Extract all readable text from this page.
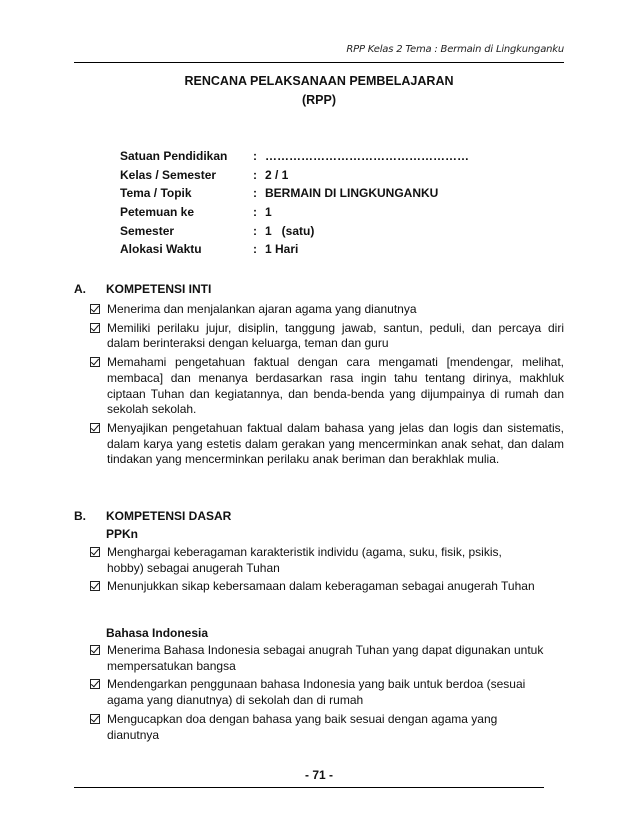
RPP Kelas 2 Tema : Bermain di Lingkunganku
RENCANA PELAKSANAAN PEMBELAJARAN
(RPP)
Satuan Pendidikan	: ……………………………………………
Kelas / Semester	: 2 / 1
Tema / Topik	: BERMAIN DI LINGKUNGANKU
Petemuan ke	: 1
Semester	: 1   (satu)
Alokasi Waktu	: 1 Hari
A. KOMPETENSI INTI
Menerima dan menjalankan ajaran agama yang dianutnya
Memiliki perilaku jujur, disiplin, tanggung jawab, santun, peduli, dan percaya diri dalam berinteraksi dengan keluarga, teman dan guru
Memahami pengetahuan faktual dengan cara mengamati [mendengar, melihat, membaca] dan menanya berdasarkan rasa ingin tahu tentang dirinya, makhluk ciptaan Tuhan dan kegiatannya, dan benda-benda yang dijumpainya di rumah dan sekolah sekolah.
Menyajikan pengetahuan faktual dalam bahasa yang jelas dan logis dan sistematis, dalam karya yang estetis dalam gerakan yang mencerminkan anak sehat, dan dalam tindakan yang mencerminkan perilaku anak beriman dan berakhlak mulia.
B. KOMPETENSI DASAR
PPKn
Menghargai keberagaman karakteristik individu (agama, suku, fisik, psikis, hobby) sebagai anugerah Tuhan
Menunjukkan sikap kebersamaan dalam keberagaman sebagai anugerah Tuhan
Bahasa Indonesia
Menerima Bahasa Indonesia sebagai anugrah Tuhan yang dapat digunakan untuk mempersatukan bangsa
Mendengarkan penggunaan bahasa Indonesia yang baik untuk berdoa (sesuai agama yang dianutnya) di sekolah dan di rumah
Mengucapkan doa dengan bahasa yang baik sesuai dengan agama yang dianutnya
- 71 -
